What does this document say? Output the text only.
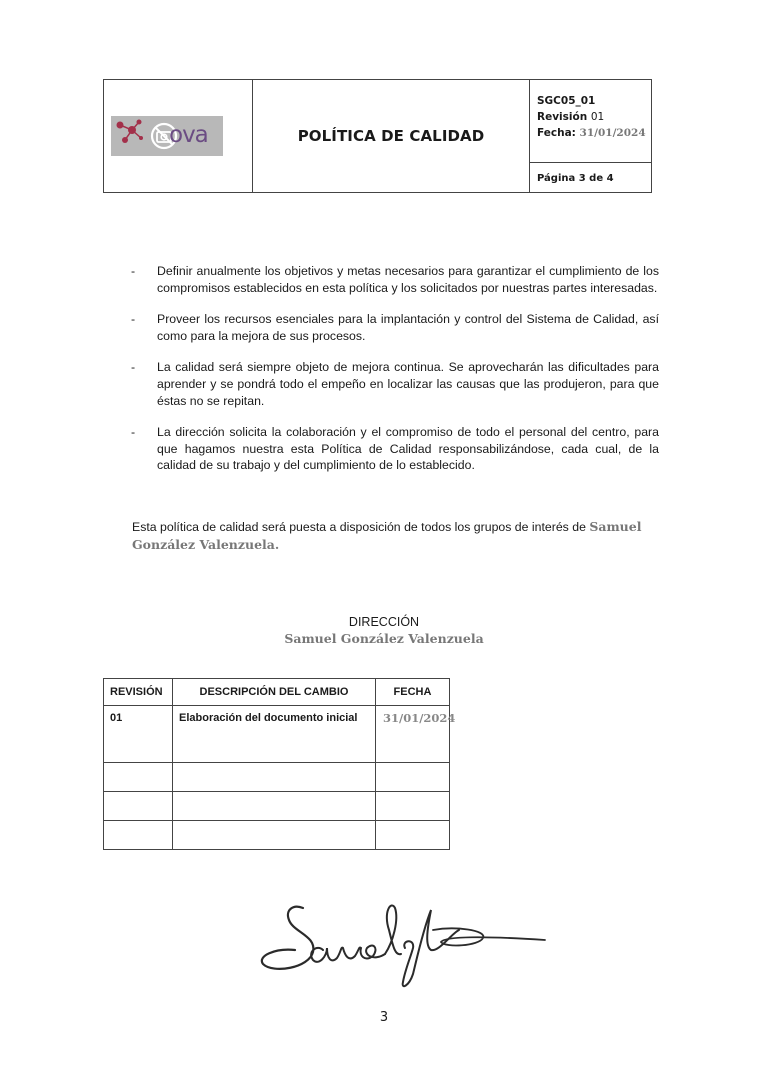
ova	POLÍTICA DE CALIDAD	
SGC05_01
Revisión 01
Fecha: 31/01/2024

Página 3 de 4
- Definir anualmente los objetivos y metas necesarios para garantizar el cumplimiento de los compromisos establecidos en esta política y los solicitados por nuestras partes interesadas.
- Proveer los recursos esenciales para la implantación y control del Sistema de Calidad, así como para la mejora de sus procesos.
- La calidad será siempre objeto de mejora continua. Se aprovecharán las dificultades para aprender y se pondrá todo el empeño en localizar las causas que las produjeron, para que éstas no se repitan.
- La dirección solicita la colaboración y el compromiso de todo el personal del centro, para que hagamos nuestra esta Política de Calidad responsabilizándose, cada cual, de la calidad de su trabajo y del cumplimiento de lo establecido.
Esta política de calidad será puesta a disposición de todos los grupos de interés de Samuel González Valenzuela.
DIRECCIÓN
Samuel González Valenzuela
REVISIÓN	DESCRIPCIÓN DEL CAMBIO	FECHA
01	Elaboración del documento inicial	31/01/2024

3
